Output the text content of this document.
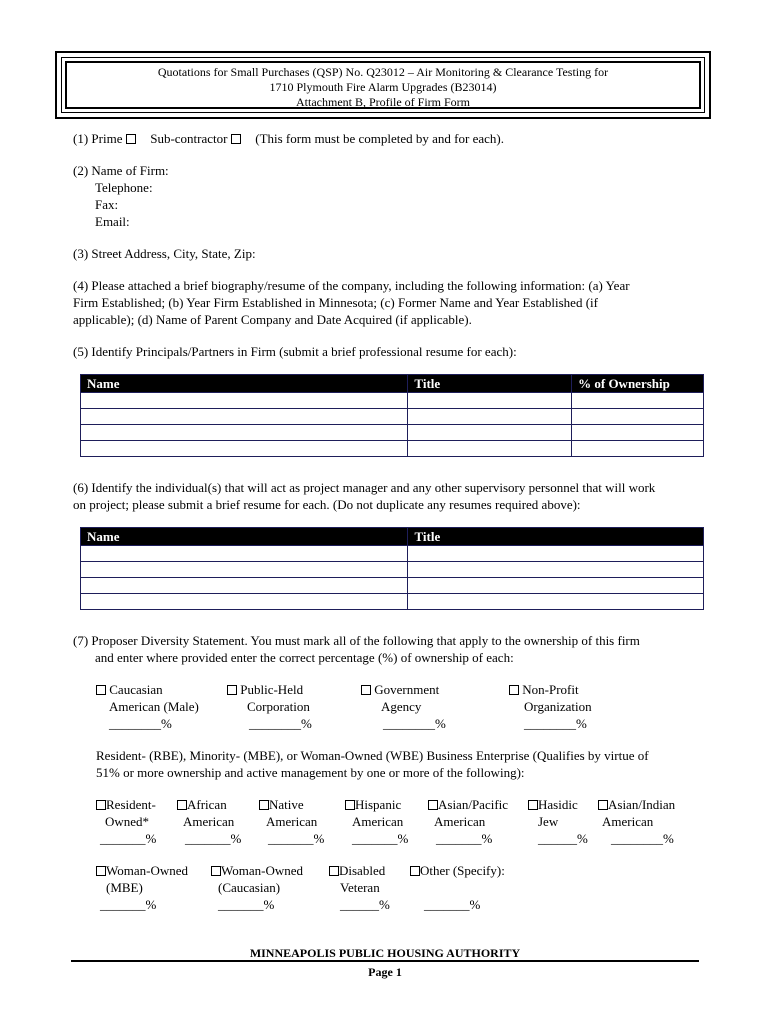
Quotations for Small Purchases (QSP) No. Q23012 – Air Monitoring & Clearance Testing for
1710 Plymouth Fire Alarm Upgrades (B23014)
Attachment B, Profile of Firm Form
(1) Prime Sub-contractor (This form must be completed by and for each).
(2) Name of Firm:
Telephone:
Fax:
Email:
(3) Street Address, City, State, Zip:
(4) Please attached a brief biography/resume of the company, including the following information: (a) Year
Firm Established; (b) Year Firm Established in Minnesota; (c) Former Name and Year Established (if
applicable); (d) Name of Parent Company and Date Acquired (if applicable).
(5) Identify Principals/Partners in Firm (submit a brief professional resume for each):
Name	Title	% of Ownership

(6) Identify the individual(s) that will act as project manager and any other supervisory personnel that will work
on project; please submit a brief resume for each. (Do not duplicate any resumes required above):
Name	Title

(7) Proposer Diversity Statement. You must mark all of the following that apply to the ownership of this firm
and enter where provided enter the correct percentage (%) of ownership of each:
Caucasian
American (Male)
________%
Public-Held
Corporation
________%
Government
Agency
________%
Non-Profit
Organization
________%
Resident- (RBE), Minority- (MBE), or Woman-Owned (WBE) Business Enterprise (Qualifies by virtue of
51% or more ownership and active management by one or more of the following):
Resident-
Owned*
_______%
African
American
_______%
Native
American
_______%
Hispanic
American
_______%
Asian/Pacific
American
_______%
Hasidic
Jew
______%
Asian/Indian
American
________%
Woman-Owned
(MBE)
_______%
Woman-Owned
(Caucasian)
_______%
Disabled
Veteran
______%
Other (Specify):
_______%
MINNEAPOLIS PUBLIC HOUSING AUTHORITY
Page 1
